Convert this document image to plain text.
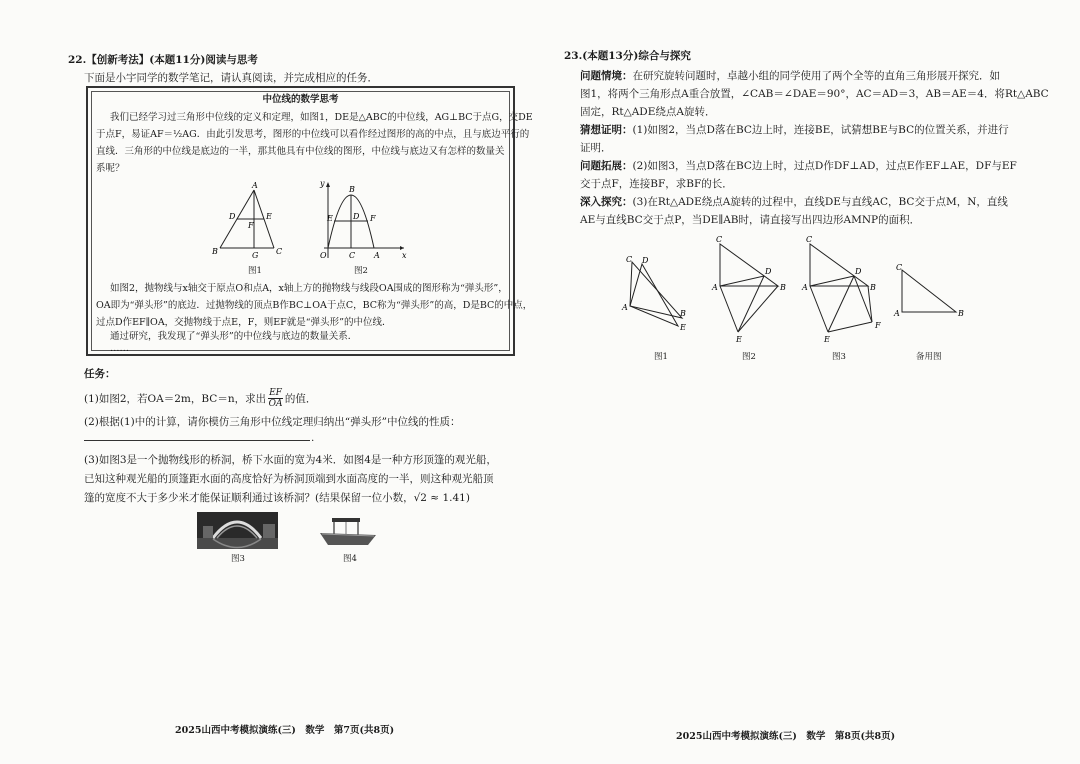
22.【创新考法】(本题11分)阅读与思考
下面是小宇同学的数学笔记，请认真阅读，并完成相应的任务．
中位线的数学思考
我们已经学习过三角形中位线的定义和定理，如图1，DE是△ABC的中位线，AG⊥BC于点G，交DE
于点F，易证AF＝½AG．由此引发思考，图形的中位线可以看作经过图形的高的中点，且与底边平行的
直线．三角形的中位线是底边的一半，那其他具有中位线的图形，中位线与底边又有怎样的数量关
系呢？
A
B	C
D	E
F
G
图1
y
x
O	A
B
C
D
E	F
图2
如图2，抛物线与x轴交于原点O和点A，x轴上方的抛物线与线段OA围成的图形称为“弹头形”，
OA即为“弹头形”的底边．过抛物线的顶点B作BC⊥OA于点C，BC称为“弹头形”的高，D是BC的中点，
过点D作EF∥OA，交抛物线于点E，F，则EF就是“弹头形”的中位线．
通过研究，我发现了“弹头形”的中位线与底边的数量关系．
……
任务：
(1)如图2，若OA＝2m，BC＝n，求出 $\frac{EF}{OA}$ 的值．
(2)根据(1)中的计算，请你模仿三角形中位线定理归纳出“弹头形”中位线的性质：
.
(3)如图3是一个抛物线形的桥洞，桥下水面的宽为4米．如图4是一种方形顶篷的观光船，
已知这种观光船的顶篷距水面的高度恰好为桥洞顶端到水面高度的一半，则这种观光船顶
篷的宽度不大于多少米才能保证顺利通过该桥洞？(结果保留一位小数，√2 ≈ 1.41)
图3	图4
2025山西中考模拟演练(三)　数学　第7页(共8页)
23.(本题13分)综合与探究
问题情境：在研究旋转问题时，卓越小组的同学使用了两个全等的直角三角形展开探究．如
图1，将两个三角形点A重合放置，∠CAB＝∠DAE＝90°，AC＝AD＝3，AB＝AE＝4．将Rt△ABC
固定，Rt△ADE绕点A旋转．
猜想证明：(1)如图2，当点D落在BC边上时，连接BE，试猜想BE与BC的位置关系，并进行
证明．
问题拓展：(2)如图3，当点D落在BC边上时，过点D作DF⊥AD，过点E作EF⊥AE，DF与EF
交于点F，连接BF，求BF的长．
深入探究：(3)在Rt△ADE绕点A旋转的过程中，直线DE与直线AC，BC交于点M，N，直线
AE与直线BC交于点P，当DE∥AB时，请直接写出四边形AMNP的面积．
A
B
C D
E
图1
A	B
C
D
E
图2
A	B
C
D
E
F
图3
A	B
C
备用图
2025山西中考模拟演练(三)　数学　第8页(共8页)
